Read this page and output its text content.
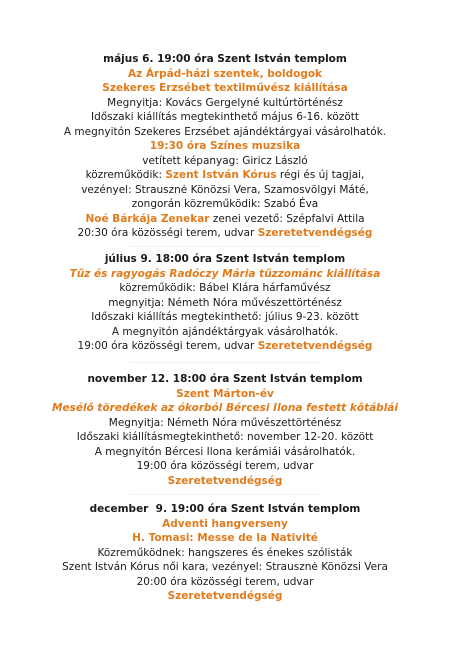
május 6. 19:00 óra Szent István templom
Az Árpád-házi szentek, boldogok
Szekeres Erzsébet textilművész kiállítása
Megnyitja: Kovács Gergelyné kultúrtörténész
Időszaki kiállítás megtekinthető május 6-16. között
A megnyitón Szekeres Erzsébet ajándéktárgyai vásárolhatók.
19:30 óra Színes muzsika
vetített képanyag: Giricz László
közreműködik: Szent István Kórus régi és új tagjai,
vezényel: Strausznė Könözsi Vera, Szamosvölgyi Máté,
zongorán közreműködik: Szabó Éva
Noé Bárkája Zenekar zenei vezető: Szépfalvi Attila
20:30 óra közösségi terem, udvar Szeretetvendégség
július 9. 18:00 óra Szent István templom
Tűz és ragyogás Radóczy Mária tűzzománc kiállítása
közreműködik: Bábel Klára hárfaművész
megnyitja: Németh Nóra művészettörténész
Időszaki kiállítás megtekinthető: július 9-23. között
A megnyitón ajándéktárgyak vásárolhatók.
19:00 óra közösségi terem, udvar Szeretetvendégség
november 12. 18:00 óra Szent István templom
Szent Márton-év
Mesélő töredékek az ókorból Bércesi Ilona festett kőtáblái
Megnyitja: Németh Nóra művészettörténész
Időszaki kiállításmegtekinthető: november 12-20. között
A megnyitón Bércesi Ilona kerámiái vásárolhatók.
19:00 óra közösségi terem, udvar
Szeretetvendégség
december  9. 19:00 óra Szent István templom
Adventi hangverseny
H. Tomasi: Messe de la Nativité
Közreműködnek: hangszeres és énekes szólisták
Szent István Kórus női kara, vezényel: Strausznė Könözsi Vera
20:00 óra közösségi terem, udvar
Szeretetvendégség
